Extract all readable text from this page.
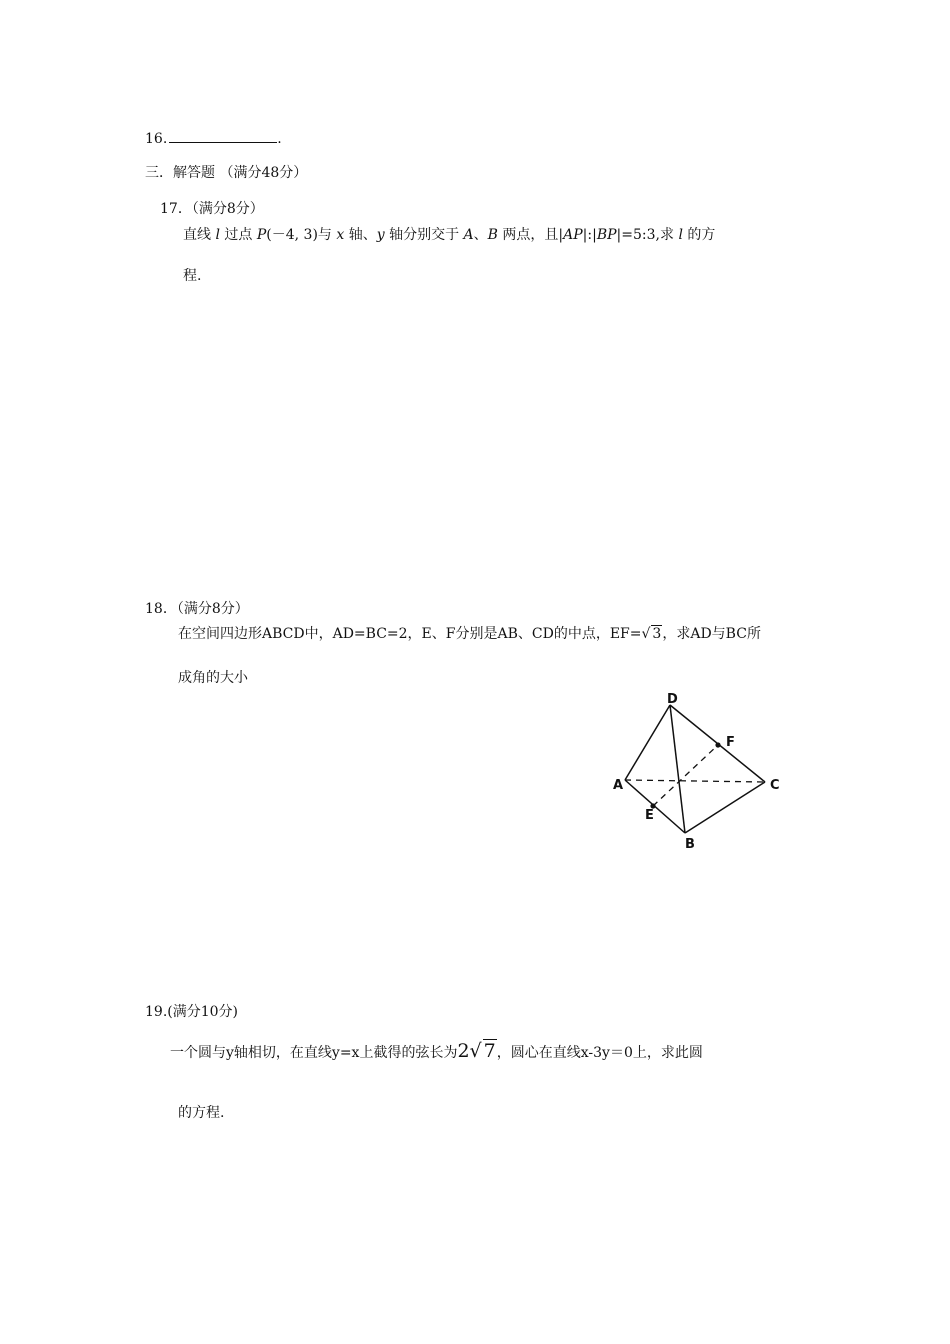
16.	.
三．解答题 （满分48分）
17．（满分8分）
直线 l 过点 P(－4, 3)与 x 轴、y 轴分别交于 A、B 两点，且|AP|:|BP|=5:3,求 l 的方
程.
18．（满分8分）
在空间四边形ABCD中，AD=BC=2，E、F分别是AB、CD的中点，EF=√ 3，求AD与BC所
成角的大小
D
F
A	C
E
B
19.(满分10分)
一个圆与y轴相切，在直线y=x上截得的弦长为2√ 7，圆心在直线x-3y＝0上，求此圆
的方程.
